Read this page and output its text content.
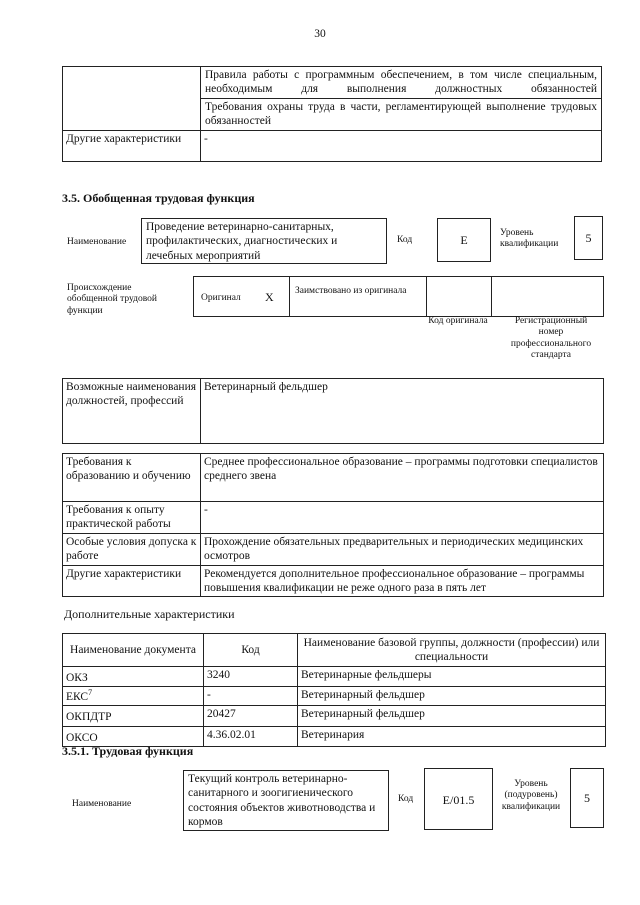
30

	Правила работы с программным обеспечением, в том числе специальным, необходимым для выполнения должностных обязанностей

	Требования охраны труда в части, регламентирующей выполнение трудовых обязанностей

Другие характеристики	-
3.5. Обобщенная трудовая функция
Наименование
Проведение ветеринарно-санитарных, профилактических, диагностических и лечебных мероприятий
Код	E	Уровень квалификации	5
Происхождение обобщенной трудовой функции
Оригинал X Заимствовано из оригинала
Код оригинала	Регистрационный номер профессионального стандарта
Возможные наименования должностей, профессий	Ветеринарный фельдшер
Требования к образованию и обучению	Среднее профессиональное образование – программы подготовки специалистов среднего звена
Требования к опыту практической работы	-
Особые условия допуска к работе	Прохождение обязательных предварительных и периодических медицинских осмотров
Другие характеристики	Рекомендуется дополнительное профессиональное образование – программы повышения квалификации не реже одного раза в пять лет
Дополнительные характеристики
Наименование документа	Код	Наименование базовой группы, должности (профессии) или специальности
ОКЗ	3240	Ветеринарные фельдшеры
ЕКС$^7$	-	Ветеринарный фельдшер
ОКПДТР	20427	Ветеринарный фельдшер
ОКСО	4.36.02.01	Ветеринария
3.5.1. Трудовая функция
Наименование
Текущий контроль ветеринарно-санитарного и зоогигиенического состояния объектов животноводства и кормов
Код	E/01.5
Уровень (подуровень) квалификации
5
